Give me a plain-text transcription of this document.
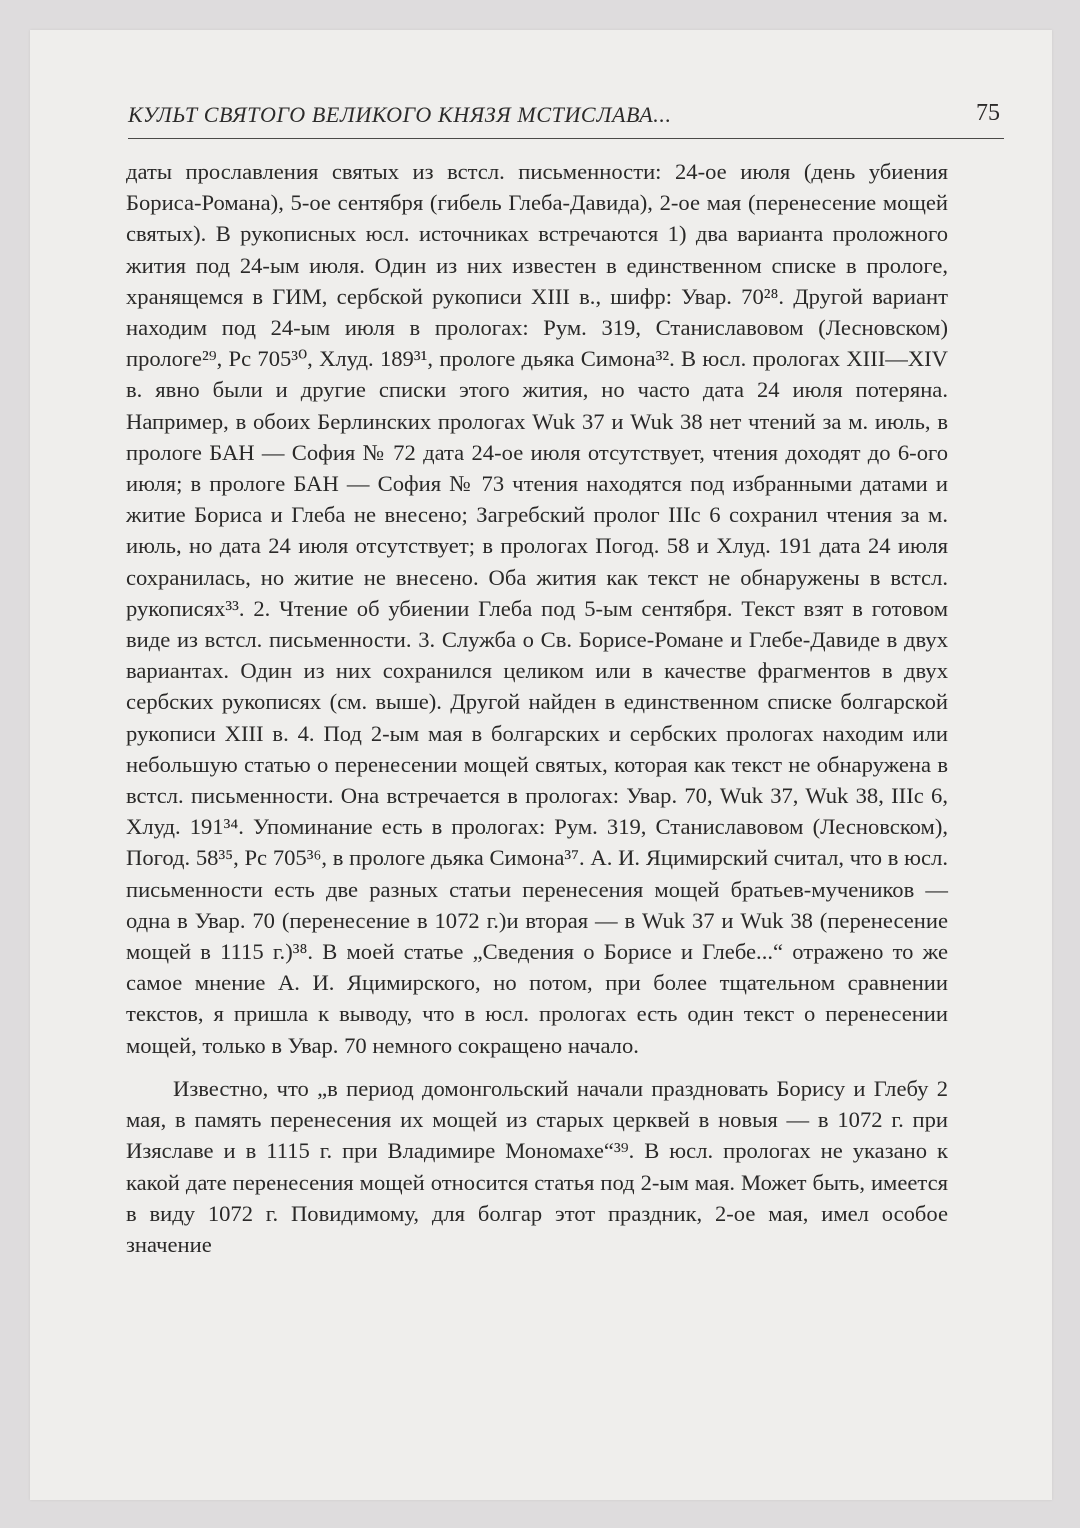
КУЛЬТ СВЯТОГО ВЕЛИКОГО КНЯЗЯ МСТИСЛАВА...	75

даты прославления святых из встсл. письменности: 24-ое июля (день убиения Бориса-Романа), 5-ое сентября (гибель Глеба-Давида), 2-ое мая (перенесение мощей святых). В рукописных юсл. источниках встречаются 1) два варианта проложного жития под 24-ым июля. Один из них известен в единственном списке в прологе, хранящемся в ГИМ, сербской рукописи XIII в., шифр: Увар. 70²⁸. Другой вариант находим под 24-ым июля в прологах: Рум. 319, Станиславовом (Лесновском) прологе²⁹, Рс 705³⁰, Хлуд. 189³¹, прологе дьяка Симона³². В юсл. прологах XIII—XIV в. явно были и другие списки этого жития, но часто дата 24 июля потеряна. Например, в обоих Берлинских прологах Wuk 37 и Wuk 38 нет чтений за м. июль, в прологе БАН — София № 72 дата 24-ое июля отсутствует, чтения доходят до 6-ого июля; в прологе БАН — София № 73 чтения находятся под избранными датами и житие Бориса и Глеба не внесено; Загребский пролог IIIс 6 сохранил чтения за м. июль, но дата 24 июля отсутствует; в прологах Погод. 58 и Хлуд. 191 дата 24 июля сохранилась, но житие не внесено. Оба жития как текст не обнаружены в встсл. рукописях³³. 2. Чтение об убиении Глеба под 5-ым сентября. Текст взят в готовом виде из встсл. письменности. 3. Служба о Св. Борисе-Романе и Глебе-Давиде в двух вариантах. Один из них сохранился целиком или в качестве фрагментов в двух сербских рукописях (см. выше). Другой найден в единственном списке болгарской рукописи XIII в. 4. Под 2-ым мая в болгарских и сербских прологах находим или небольшую статью о перенесении мощей святых, которая как текст не обнаружена в встсл. письменности. Она встречается в прологах: Увар. 70, Wuk 37, Wuk 38, IIIс 6, Хлуд. 191³⁴. Упоминание есть в прологах: Рум. 319, Станиславовом (Лесновском), Погод. 58³⁵, Рс 705³⁶, в прологе дьяка Симона³⁷. А. И. Яцимирский считал, что в юсл. письменности есть две разных статьи перенесения мощей братьев-мучеников — одна в Увар. 70 (перенесение в 1072 г.)и вторая — в Wuk 37 и Wuk 38 (перенесение мощей в 1115 г.)³⁸. В моей статье „Сведения о Борисе и Глебе...“ отражено то же самое мнение А. И. Яцимирского, но потом, при более тщательном сравнении текстов, я пришла к выводу, что в юсл. прологах есть один текст о перенесении мощей, только в Увар. 70 немного сокращено начало.

Известно, что „в период домонгольский начали праздновать Борису и Глебу 2 мая, в память перенесения их мощей из старых церквей в новыя — в 1072 г. при Изяславе и в 1115 г. при Владимире Мономахе“³⁹. В юсл. прологах не указано к какой дате перенесения мощей относится статья под 2-ым мая. Может быть, имеется в виду 1072 г. Повидимому, для болгар этот праздник, 2-ое мая, имел особое значение
